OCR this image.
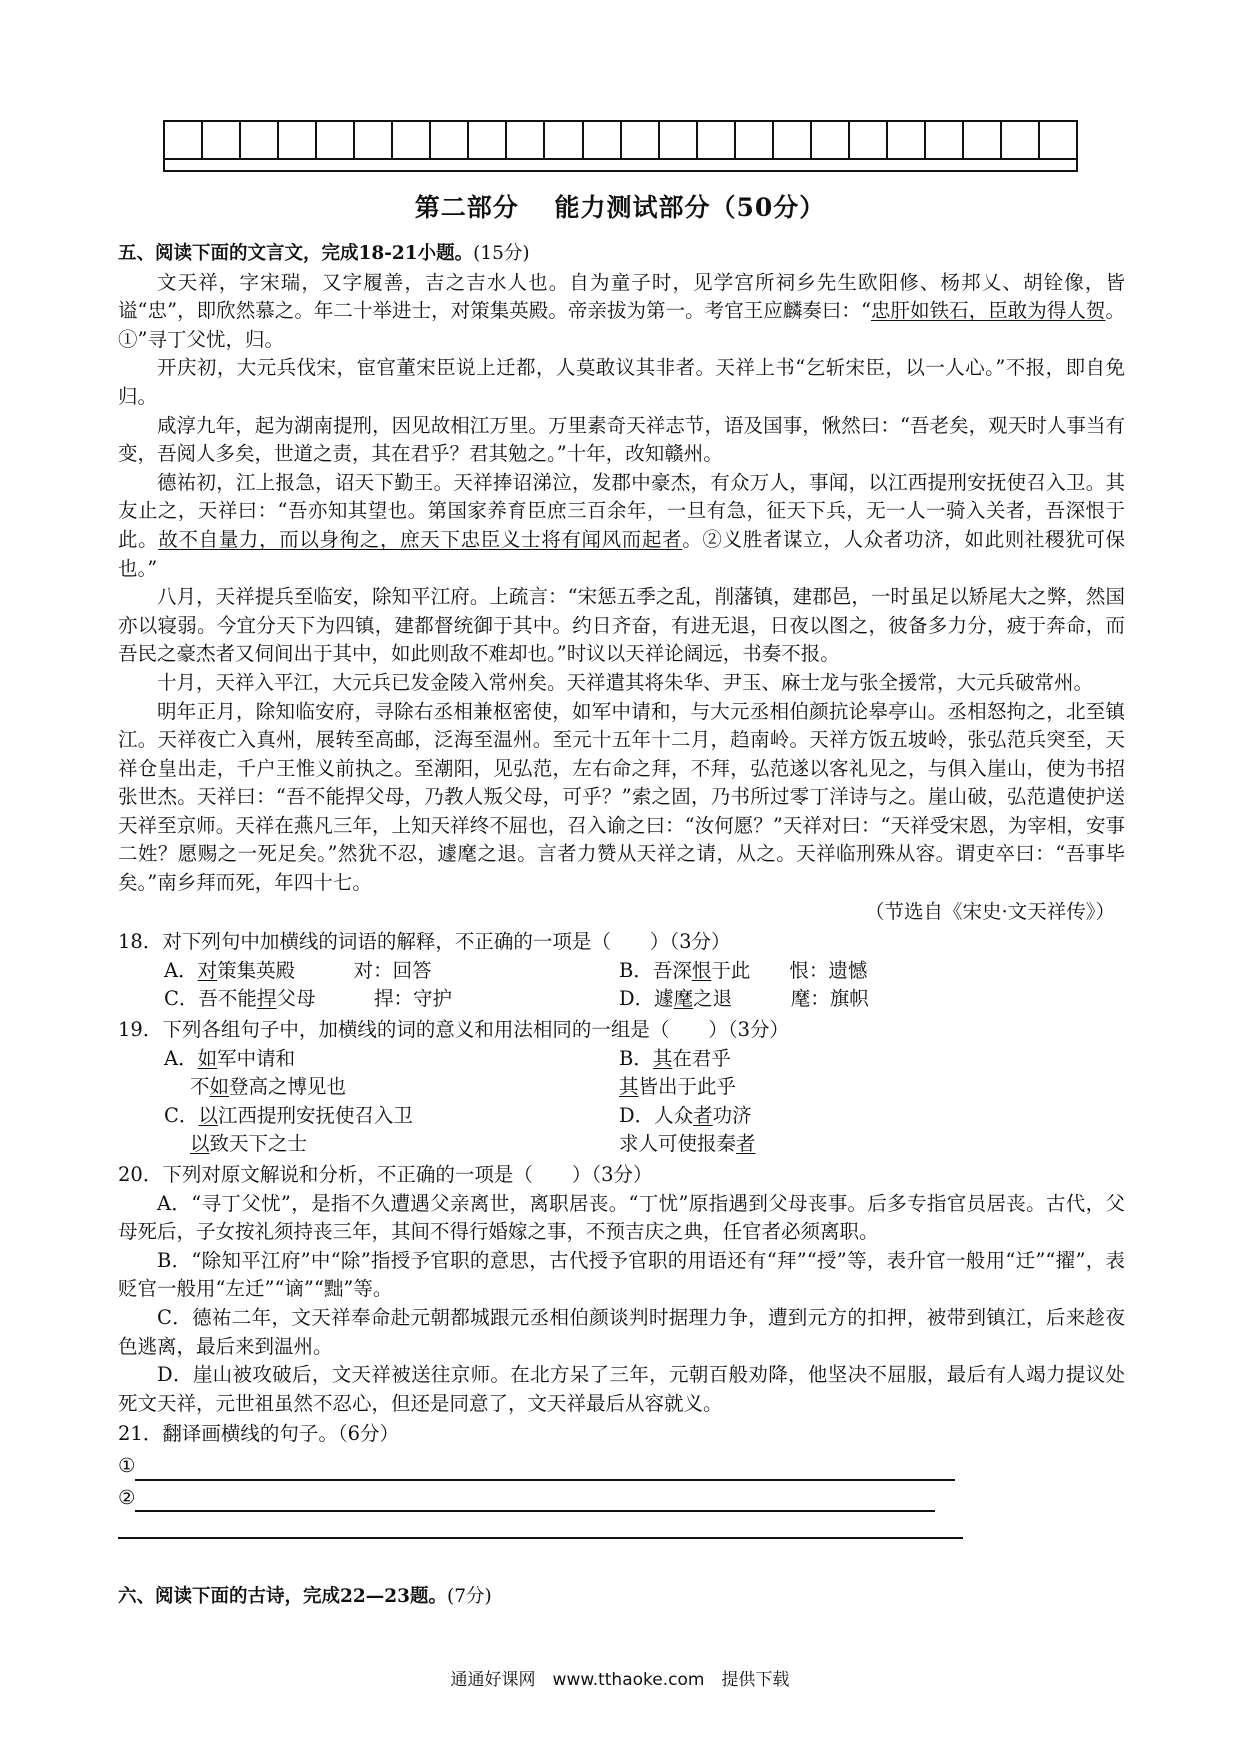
第二部分　 能力测试部分（50分）

五、阅读下面的文言文，完成18-21小题。(15分)

文天祥，字宋瑞，又字履善，吉之吉水人也。自为童子时，见学宫所祠乡先生欧阳修、杨邦乂、胡铨像，皆谥“忠”，即欣然慕之。年二十举进士，对策集英殿。帝亲拔为第一。考官王应麟奏曰：“忠肝如铁石，臣敢为得人贺。①”寻丁父忧，归。

开庆初，大元兵伐宋，宦官董宋臣说上迁都，人莫敢议其非者。天祥上书“乞斩宋臣，以一人心。”不报，即自免归。

咸淳九年，起为湖南提刑，因见故相江万里。万里素奇天祥志节，语及国事，愀然曰：“吾老矣，观天时人事当有变，吾阅人多矣，世道之责，其在君乎？君其勉之。”十年，改知赣州。

德祐初，江上报急，诏天下勤王。天祥捧诏涕泣，发郡中豪杰，有众万人，事闻，以江西提刑安抚使召入卫。其友止之，天祥曰：“吾亦知其望也。第国家养育臣庶三百余年，一旦有急，征天下兵，无一人一骑入关者，吾深恨于此。故不自量力，而以身徇之，庶天下忠臣义士将有闻风而起者。②义胜者谋立，人众者功济，如此则社稷犹可保也。”

八月，天祥提兵至临安，除知平江府。上疏言：“宋惩五季之乱，削藩镇，建郡邑，一时虽足以矫尾大之弊，然国亦以寝弱。今宜分天下为四镇，建都督统御于其中。约日齐奋，有进无退，日夜以图之，彼备多力分，疲于奔命，而吾民之豪杰者又伺间出于其中，如此则敌不难却也。”时议以天祥论阔远，书奏不报。

十月，天祥入平江，大元兵已发金陵入常州矣。天祥遣其将朱华、尹玉、麻士龙与张全援常，大元兵破常州。

明年正月，除知临安府，寻除右丞相兼枢密使，如军中请和，与大元丞相伯颜抗论皋亭山。丞相怒拘之，北至镇江。天祥夜亡入真州，展转至高邮，泛海至温州。至元十五年十二月，趋南岭。天祥方饭五坡岭，张弘范兵突至，天祥仓皇出走，千户王惟义前执之。至潮阳，见弘范，左右命之拜，不拜，弘范遂以客礼见之，与俱入崖山，使为书招张世杰。天祥曰：“吾不能捍父母，乃教人叛父母，可乎？”索之固，乃书所过零丁洋诗与之。崖山破，弘范遣使护送天祥至京师。天祥在燕凡三年，上知天祥终不屈也，召入谕之曰：“汝何愿？”天祥对曰：“天祥受宋恩，为宰相，安事二姓？愿赐之一死足矣。”然犹不忍，遽麾之退。言者力赞从天祥之请，从之。天祥临刑殊从容。谓吏卒曰：“吾事毕矣。”南乡拜而死，年四十七。

（节选自《宋史·文天祥传》）

18．对下列句中加横线的词语的解释，不正确的一项是（　　）（3分）

A．对策集英殿　　　	对：回答	B．吾深恨于此　　 恨：遗憾
C．吾不能捍父母　　　	捍：守护	D．遽麾之退　　　	麾：旗帜

19．下列各组句子中，加横线的词的意义和用法相同的一组是（　　）（3分）

A．如军中请和	B．其在君乎
不如登高之博见也	其皆出于此乎
C．以江西提刑安抚使召入卫	D．人众者功济
以致天下之士	求人可使报秦者

20．下列对原文解说和分析，不正确的一项是（　　）（3分）

A．“寻丁父忧”，是指不久遭遇父亲离世，离职居丧。“丁忧”原指遇到父母丧事。后多专指官员居丧。古代，父母死后，子女按礼须持丧三年，其间不得行婚嫁之事，不预吉庆之典，任官者必须离职。

B．“除知平江府”中“除”指授予官职的意思，古代授予官职的用语还有“拜”“授”等，表升官一般用“迁”“擢”，表贬官一般用“左迁”“谪”“黜”等。

C．德祐二年，文天祥奉命赴元朝都城跟元丞相伯颜谈判时据理力争，遭到元方的扣押，被带到镇江，后来趁夜色逃离，最后来到温州。

D．崖山被攻破后，文天祥被送往京师。在北方呆了三年，元朝百般劝降，他坚决不屈服，最后有人竭力提议处死文天祥，元世祖虽然不忍心，但还是同意了，文天祥最后从容就义。

21．翻译画横线的句子。（6分）

①
②

六、阅读下面的古诗，完成22—23题。(7分)

通通好课网　www.tthaoke.com　提供下载
